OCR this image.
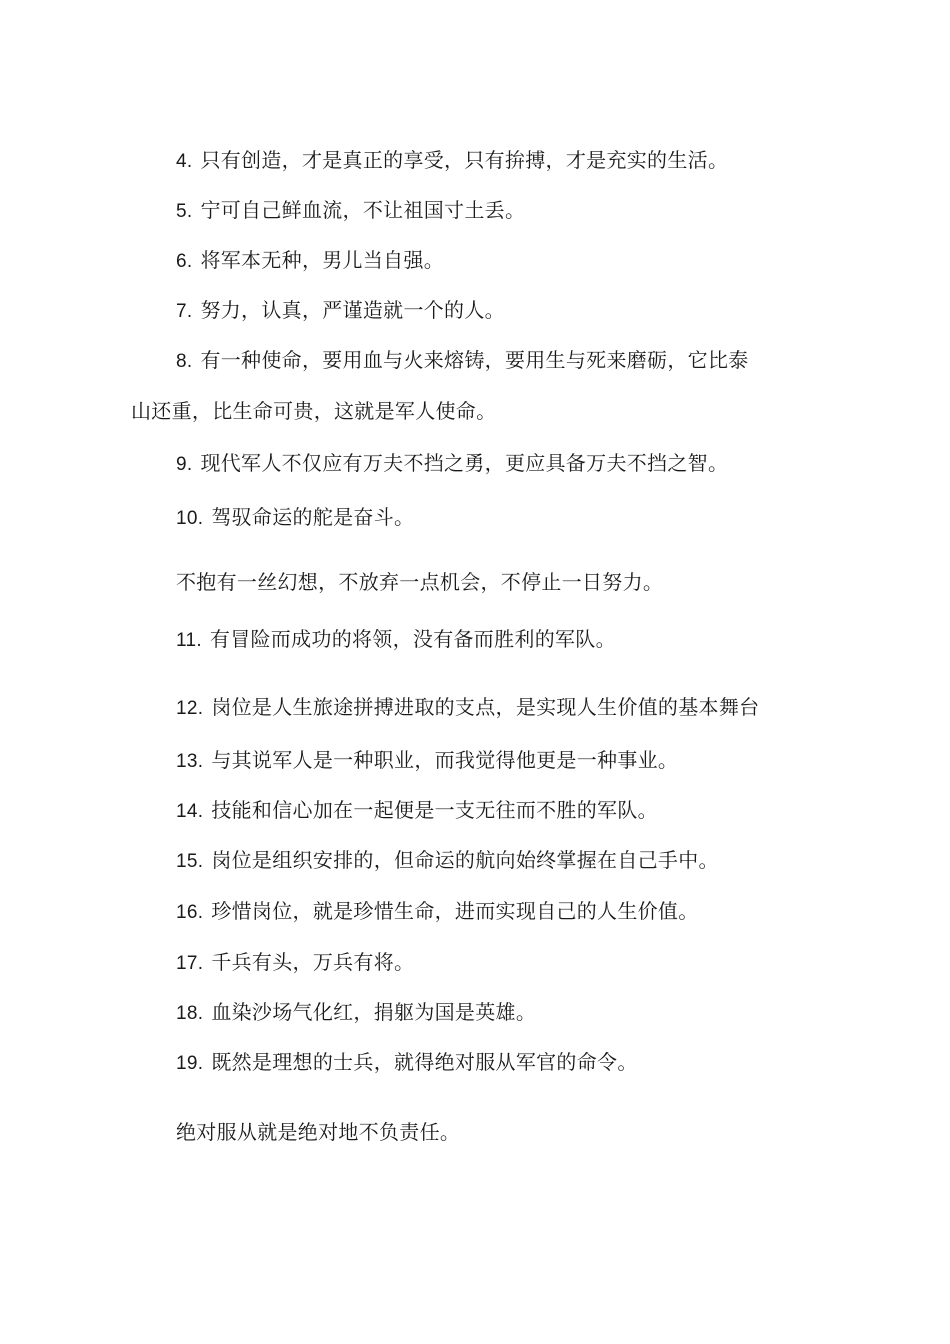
4. 只有创造，才是真正的享受，只有拚搏，才是充实的生活。
5. 宁可自己鲜血流，不让祖国寸土丢。
6. 将军本无种，男儿当自强。
7. 努力，认真，严谨造就一个的人。
8. 有一种使命，要用血与火来熔铸，要用生与死来磨砺，它比泰
山还重，比生命可贵，这就是军人使命。
9. 现代军人不仅应有万夫不挡之勇，更应具备万夫不挡之智。
10. 驾驭命运的舵是奋斗。
不抱有一丝幻想，不放弃一点机会，不停止一日努力。
11. 有冒险而成功的将领，没有备而胜利的军队。
12. 岗位是人生旅途拼搏进取的支点，是实现人生价值的基本舞台
13. 与其说军人是一种职业，而我觉得他更是一种事业。
14. 技能和信心加在一起便是一支无往而不胜的军队。
15. 岗位是组织安排的，但命运的航向始终掌握在自己手中。
16. 珍惜岗位，就是珍惜生命，进而实现自己的人生价值。
17. 千兵有头，万兵有将。
18. 血染沙场气化红，捐躯为国是英雄。
19. 既然是理想的士兵，就得绝对服从军官的命令。
绝对服从就是绝对地不负责任。
